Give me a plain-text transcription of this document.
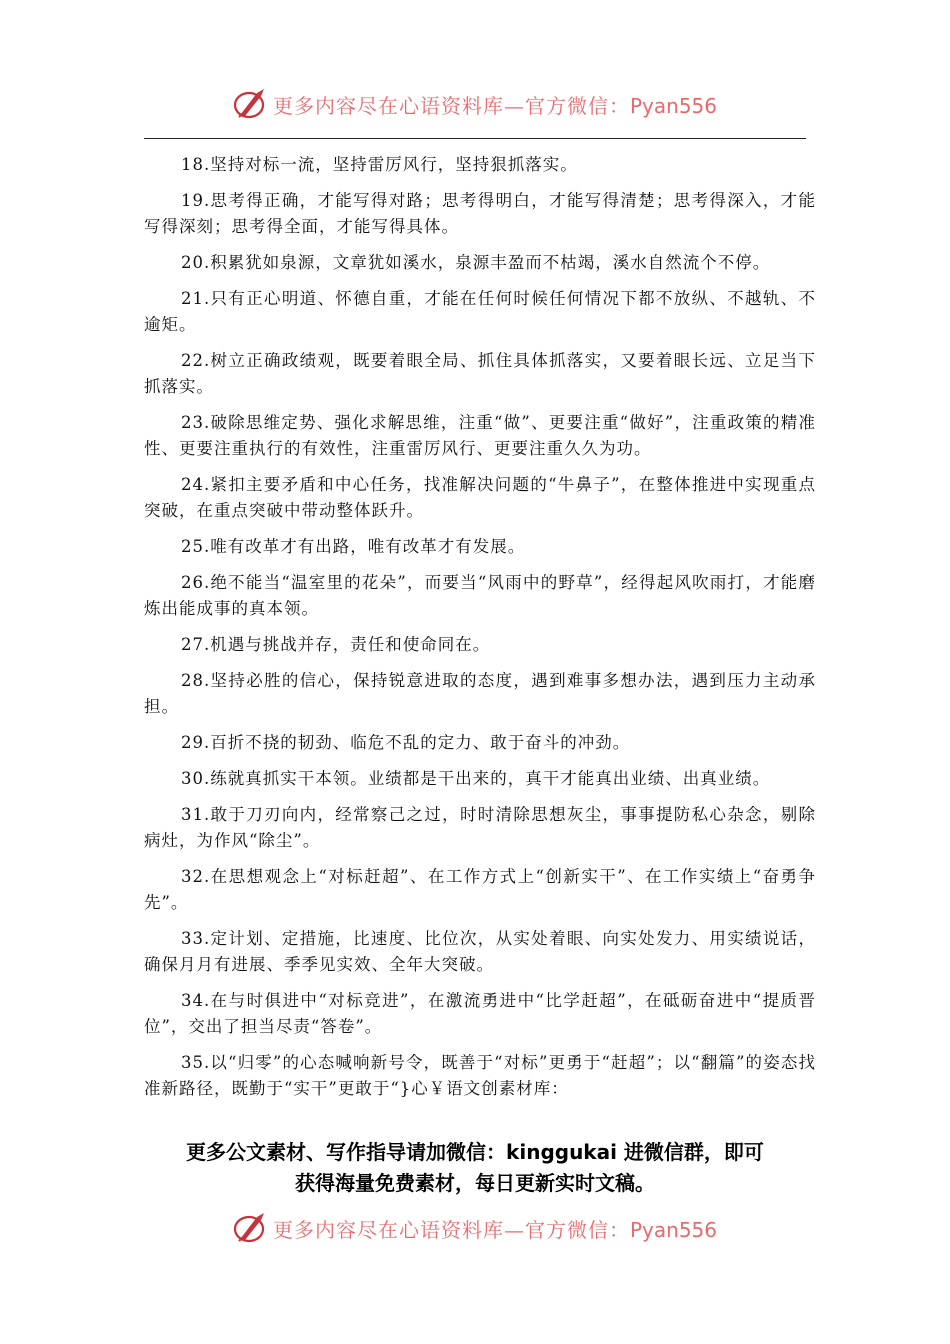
更多内容尽在心语资料库—官方微信：Pyan556

18.坚持对标一流，坚持雷厉风行，坚持狠抓落实。

19.思考得正确，才能写得对路；思考得明白，才能写得清楚；思考得深入，才能写得深刻；思考得全面，才能写得具体。

20.积累犹如泉源，文章犹如溪水，泉源丰盈而不枯竭，溪水自然流个不停。

21.只有正心明道、怀德自重，才能在任何时候任何情况下都不放纵、不越轨、不逾矩。

22.树立正确政绩观，既要着眼全局、抓住具体抓落实，又要着眼长远、立足当下抓落实。

23.破除思维定势、强化求解思维，注重“做”、更要注重“做好”，注重政策的精准性、更要注重执行的有效性，注重雷厉风行、更要注重久久为功。

24.紧扣主要矛盾和中心任务，找准解决问题的“牛鼻子”，在整体推进中实现重点突破，在重点突破中带动整体跃升。

25.唯有改革才有出路，唯有改革才有发展。

26.绝不能当“温室里的花朵”，而要当“风雨中的野草”，经得起风吹雨打，才能磨炼出能成事的真本领。

27.机遇与挑战并存，责任和使命同在。

28.坚持必胜的信心，保持锐意进取的态度，遇到难事多想办法，遇到压力主动承担。

29.百折不挠的韧劲、临危不乱的定力、敢于奋斗的冲劲。

30.练就真抓实干本领。业绩都是干出来的，真干才能真出业绩、出真业绩。

31.敢于刀刃向内，经常察己之过，时时清除思想灰尘，事事提防私心杂念，剔除病灶，为作风“除尘”。

32.在思想观念上“对标赶超”、在工作方式上“创新实干”、在工作实绩上“奋勇争先”。

33.定计划、定措施，比速度、比位次，从实处着眼、向实处发力、用实绩说话，确保月月有进展、季季见实效、全年大突破。

34.在与时俱进中“对标竞进”，在激流勇进中“比学赶超”，在砥砺奋进中“提质晋位”，交出了担当尽责“答卷”。

35.以“归零”的心态喊响新号令，既善于“对标”更勇于“赶超”；以“翻篇”的姿态找准新路径，既勤于“实干”更敢于“}心￥语文创素材库：

更多公文素材、写作指导请加微信：kinggukai 进微信群，即可
获得海量免费素材，每日更新实时文稿。
更多内容尽在心语资料库—官方微信：Pyan556
